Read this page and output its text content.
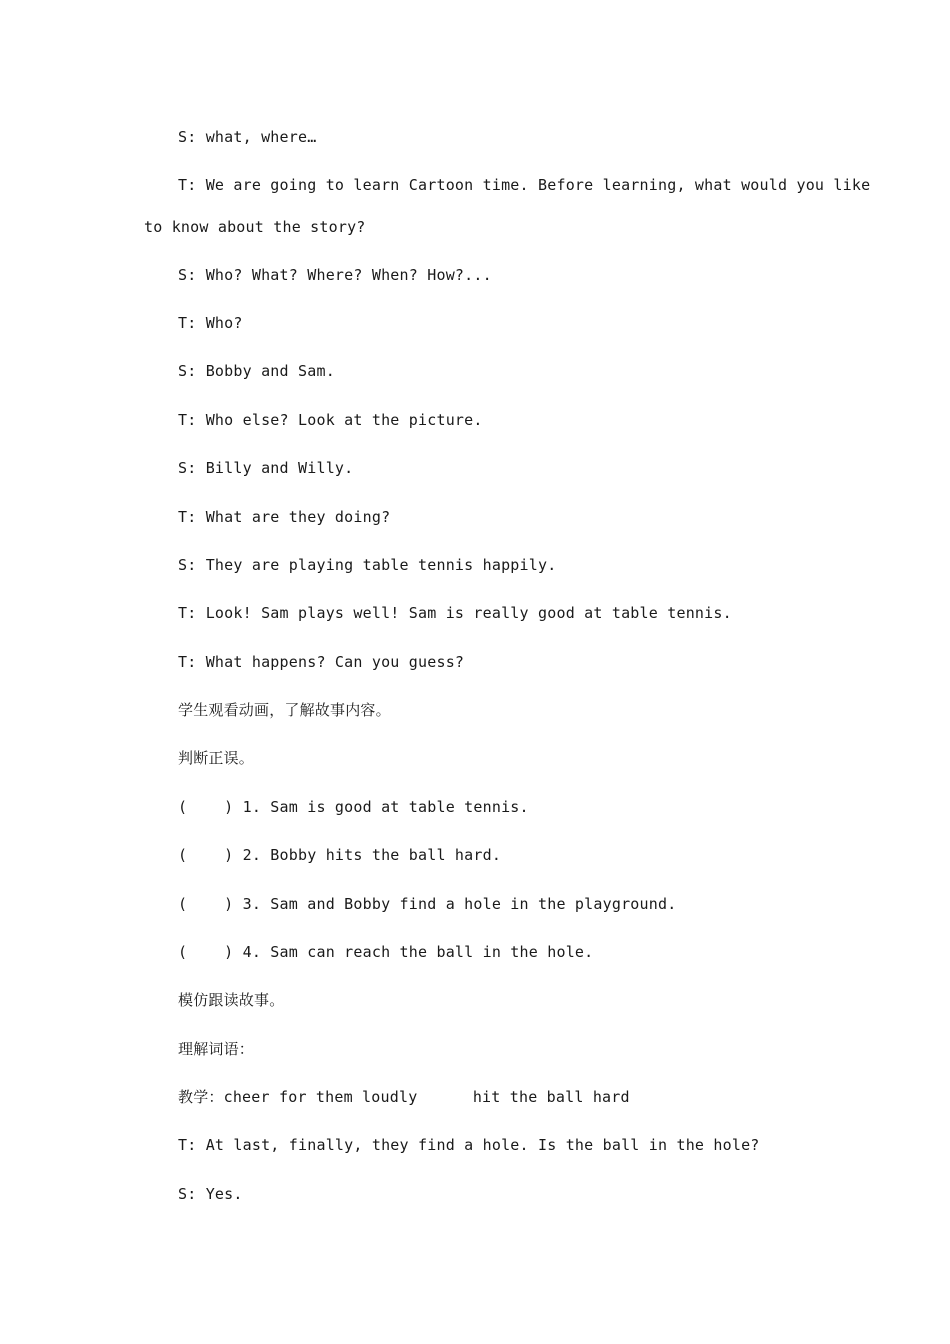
S: what, where…
T: We are going to learn Cartoon time. Before learning, what would you like
to know about the story?
S: Who? What? Where? When? How?...
T: Who?
S: Bobby and Sam.
T: Who else? Look at the picture.
S: Billy and Willy.
T: What are they doing?
S: They are playing table tennis happily.
T: Look! Sam plays well! Sam is really good at table tennis.
T: What happens? Can you guess?
学生观看动画，了解故事内容。
判断正误。
(    ) 1. Sam is good at table tennis.
(    ) 2. Bobby hits the ball hard.
(    ) 3. Sam and Bobby find a hole in the playground.
(    ) 4. Sam can reach the ball in the hole.
模仿跟读故事。
理解词语：
教学：cheer for them loudly      hit the ball hard
T: At last, finally, they find a hole. Is the ball in the hole?
S: Yes.
